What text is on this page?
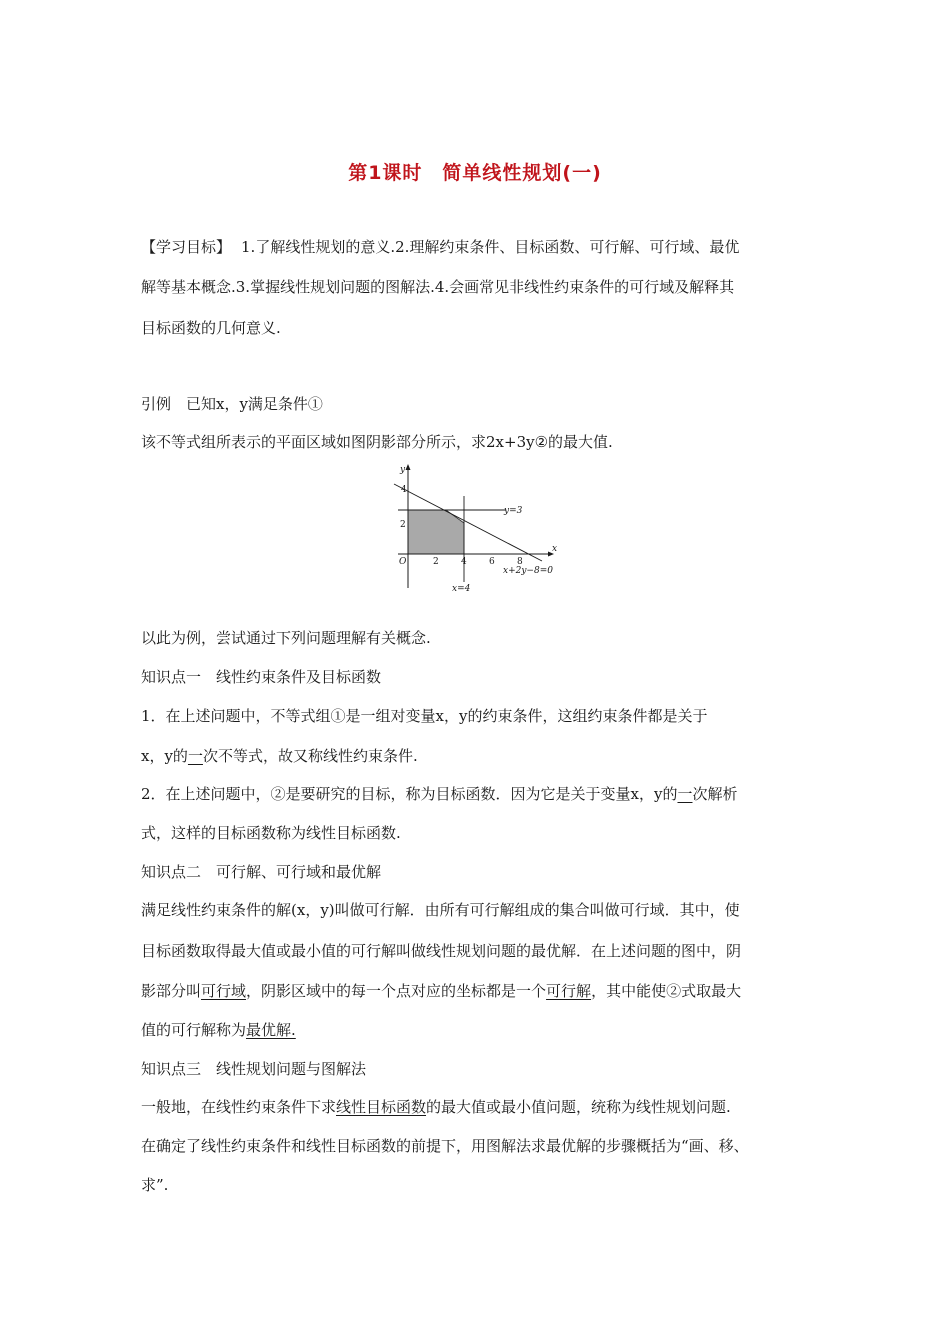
第1课时　简单线性规划(一)
【学习目标】 1.了解线性规划的意义.2.理解约束条件、目标函数、可行解、可行域、最优
解等基本概念.3.掌握线性规划问题的图解法.4.会画常见非线性约束条件的可行域及解释其
目标函数的几何意义.
引例　已知x，y满足条件①
该不等式组所表示的平面区域如图阴影部分所示，求2x+3y②的最大值.
y
x
O	2 4 6 8
2
4
y=3
x+2y−8=0
x=4
以此为例，尝试通过下列问题理解有关概念.
知识点一　线性约束条件及目标函数
1．在上述问题中，不等式组①是一组对变量x，y的约束条件，这组约束条件都是关于
x，y的一次不等式，故又称线性约束条件.
2．在上述问题中，②是要研究的目标，称为目标函数．因为它是关于变量x，y的一次解析
式，这样的目标函数称为线性目标函数.
知识点二　可行解、可行域和最优解
满足线性约束条件的解(x，y)叫做可行解．由所有可行解组成的集合叫做可行域．其中，使
目标函数取得最大值或最小值的可行解叫做线性规划问题的最优解．在上述问题的图中，阴
影部分叫可行域，阴影区域中的每一个点对应的坐标都是一个可行解，其中能使②式取最大
值的可行解称为最优解.
知识点三　线性规划问题与图解法
一般地，在线性约束条件下求线性目标函数的最大值或最小值问题，统称为线性规划问题.
在确定了线性约束条件和线性目标函数的前提下，用图解法求最优解的步骤概括为“画、移、
求”.
